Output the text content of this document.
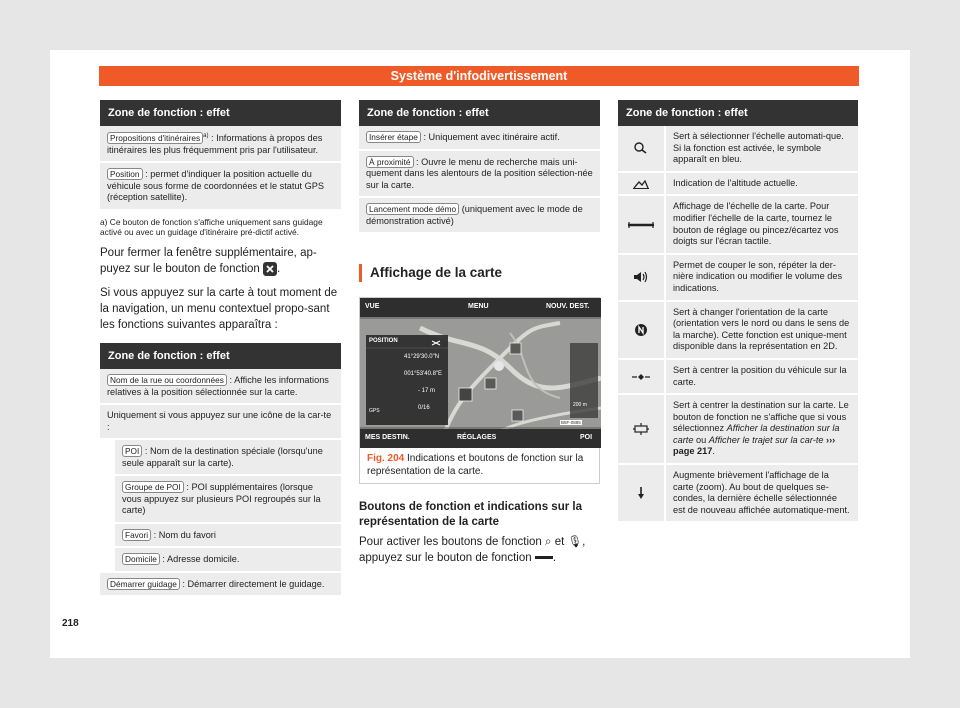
Système d'infodivertissement
Zone de fonction : effet
Propositions d'itinéraires $^{a)}$ : Informations à propos des itinéraires les plus fréquemment pris par l'utilisateur.
Position : permet d'indiquer la position actuelle du véhicule sous forme de coordonnées et le statut GPS (réception satellite).
a) Ce bouton de fonction s'affiche uniquement sans guidage activé ou avec un guidage d'itinéraire pré-dictif activé.
Pour fermer la fenêtre supplémentaire, ap-puyez sur le bouton de fonction .
Si vous appuyez sur la carte à tout moment de la navigation, un menu contextuel propo-sant les fonctions suivantes apparaîtra :
Zone de fonction : effet
Nom de la rue ou coordonnées : Affiche les informations relatives à la position sélectionnée sur la carte.
Uniquement si vous appuyez sur une icône de la car-te :
POI : Nom de la destination spéciale (lorsqu'une seule apparaît sur la carte).
Groupe de POI : POI supplémentaires (lorsque vous appuyez sur plusieurs POI regroupés sur la carte)
Favori : Nom du favori
Domicile : Adresse domicile.
Démarrer guidage : Démarrer directement le guidage.
Zone de fonction : effet
Insérer étape : Uniquement avec itinéraire actif.
À proximité : Ouvre le menu de recherche mais uni-quement dans les alentours de la position sélection-née sur la carte.
Lancement mode démo (uniquement avec le mode de démonstration activé)
Affichage de la carte
VUE	MENU	NOUV. DEST.
POSITION
41°29'30.0"N
001°53'40.8"E
- 17 m
GPS	0/16	200 m
MES DESTIN.	RÉGLAGES	POI
B5F-0885
Fig. 204 Indications et boutons de fonction sur la représentation de la carte.
Boutons de fonction et indications sur la représentation de la carte
Pour activer les boutons de fonction ⌕ et 🎙, appuyez sur le bouton de fonction .
Zone de fonction : effet
Sert à sélectionner l'échelle automati-que. Si la fonction est activée, le symbole apparaît en bleu.
Indication de l'altitude actuelle.
Affichage de l'échelle de la carte. Pour modifier l'échelle de la carte, tournez le bouton de réglage ou pincez/écartez vos doigts sur l'écran tactile.
Permet de couper le son, répéter la der-nière indication ou modifier le volume des indications.
Sert à changer l'orientation de la carte (orientation vers le nord ou dans le sens de la marche). Cette fonction est unique-ment disponible dans la représentation en 2D.
Sert à centrer la position du véhicule sur la carte.
Sert à centrer la destination sur la carte. Le bouton de fonction ne s'affiche que si vous sélectionnez Afficher la destination sur la carte ou Afficher le trajet sur la car-te ››› page 217.
Augmente brièvement l'affichage de la carte (zoom). Au bout de quelques se-condes, la dernière échelle sélectionnée est de nouveau affichée automatique-ment.
218
